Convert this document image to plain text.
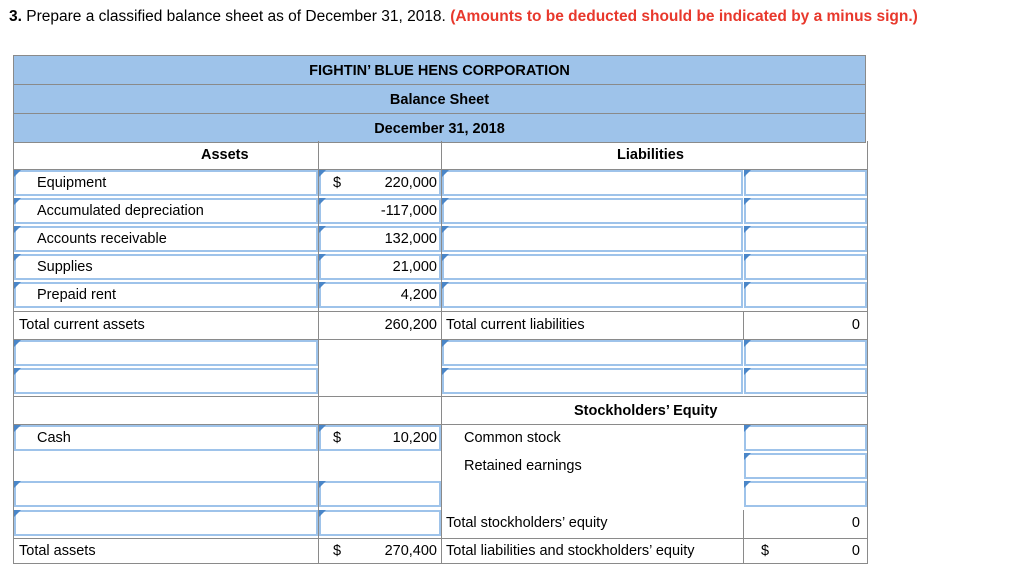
3. Prepare a classified balance sheet as of December 31, 2018. (Amounts to be deducted should be indicated by a minus sign.)
FIGHTIN’ BLUE HENS CORPORATION
Balance Sheet
December 31, 2018
Assets	Liabilities
Equipment	$	220,000
Accumulated depreciation	-117,000
Accounts receivable	132,000
Supplies	21,000
Prepaid rent	4,200
Total current assets	260,200 Total current liabilities	0
Stockholders’ Equity
Cash	$	10,200 Common stock
Retained earnings
Total stockholders’ equity	0
Total assets	$	270,400 Total liabilities and stockholders’ equity	$	0
